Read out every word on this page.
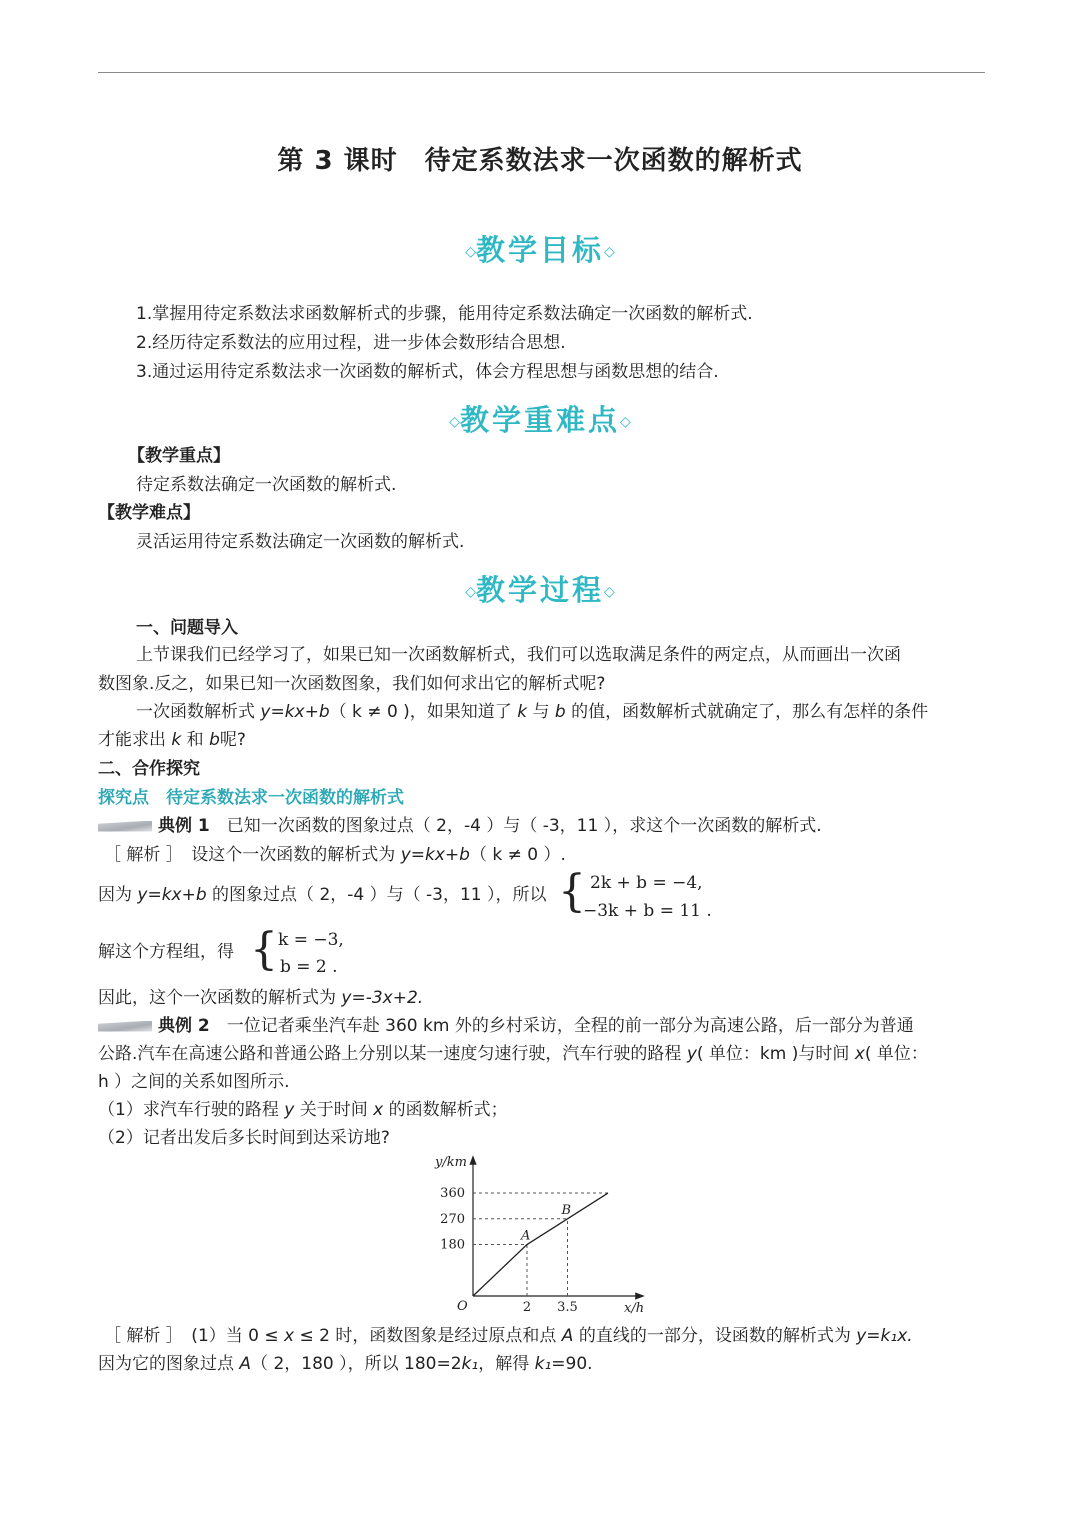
第 3 课时　待定系数法求一次函数的解析式
◇教学目标◇
1.掌握用待定系数法求函数解析式的步骤，能用待定系数法确定一次函数的解析式.
2.经历待定系数法的应用过程，进一步体会数形结合思想.
3.通过运用待定系数法求一次函数的解析式，体会方程思想与函数思想的结合.
◇教学重难点◇
【教学重点】
待定系数法确定一次函数的解析式.
【教学难点】
灵活运用待定系数法确定一次函数的解析式.
◇教学过程◇
一、问题导入
上节课我们已经学习了，如果已知一次函数解析式，我们可以选取满足条件的两定点，从而画出一次函
数图象.反之，如果已知一次函数图象，我们如何求出它的解析式呢?
一次函数解析式 y=kx+b（ k ≠ 0 )，如果知道了 k 与 b 的值，函数解析式就确定了，那么有怎样的条件
才能求出 k 和 b呢?
二、合作探究
探究点　待定系数法求一次函数的解析式
典例 1　已知一次函数的图象过点（ 2，-4 ）与（ -3，11 ），求这个一次函数的解析式.
［ 解析 ］　设这个一次函数的解析式为 y=kx+b（ k ≠ 0 ）.
因为 y=kx+b 的图象过点（ 2，-4 ）与（ -3，11 ），所以 { 2k + b = −4,
−3k + b = 11 .
解这个方程组，得 { k = −3,
b = 2 .
因此，这个一次函数的解析式为 y=-3x+2.
典例 2　一位记者乘坐汽车赴 360 km 外的乡村采访，全程的前一部分为高速公路，后一部分为普通
公路.汽车在高速公路和普通公路上分别以某一速度匀速行驶，汽车行驶的路程 y( 单位：km )与时间 x( 单位：
h ）之间的关系如图所示.
（1）求汽车行驶的路程 y 关于时间 x 的函数解析式；
（2）记者出发后多长时间到达采访地?
y/km
x/h
O
180
270
360
2 3.5
A
B
［ 解析 ］　(1）当 0 ≤ x ≤ 2 时，函数图象是经过原点和点 A 的直线的一部分，设函数的解析式为 y=k₁x.
因为它的图象过点 A（ 2，180 ），所以 180=2k₁，解得 k₁=90.
